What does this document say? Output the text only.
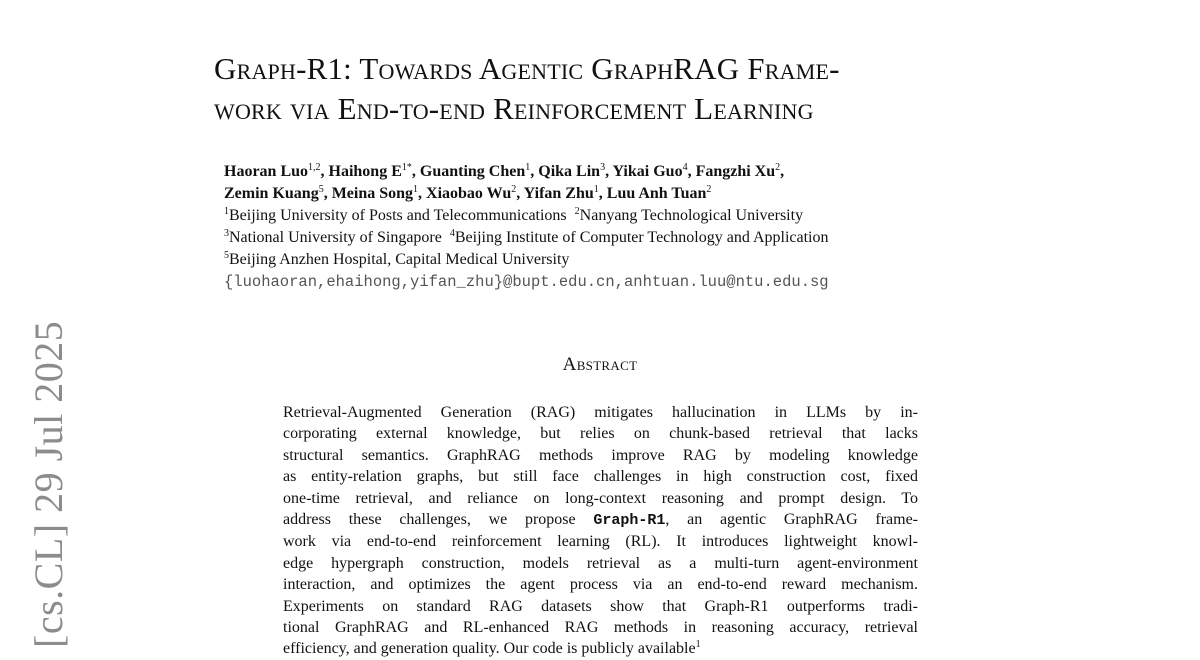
[cs.CL] 29 Jul 2025
Graph-R1: Towards Agentic GraphRAG Frame-
work via End-to-end Reinforcement Learning
Haoran Luo$^{1,2}$, Haihong $E^{1*}$, Guanting Chen$^1$, Qika Lin$^3$, Yikai Guo$^4$, Fangzhi Xu$^2$,
Zemin Kuang$^5$, Meina Song$^1$, Xiaobao Wu$^2$, Yifan Zhu$^1$, Luu Anh Tuan$^2$
$^1$Beijing University of Posts and Telecommunications $^2$Nanyang Technological University
$^3$National University of Singapore $^4$Beijing Institute of Computer Technology and Application
$^5$Beijing Anzhen Hospital, Capital Medical University
{luohaoran,ehaihong,yifan_zhu}@bupt.edu.cn,anhtuan.luu@ntu.edu.sg
Abstract
Retrieval-Augmented Generation (RAG) mitigates hallucination in LLMs by in-
corporating external knowledge, but relies on chunk-based retrieval that lacks
structural semantics. GraphRAG methods improve RAG by modeling knowledge
as entity-relation graphs, but still face challenges in high construction cost, fixed
one-time retrieval, and reliance on long-context reasoning and prompt design. To
address these challenges, we propose Graph-R1, an agentic GraphRAG frame-
work via end-to-end reinforcement learning (RL). It introduces lightweight knowl-
edge hypergraph construction, models retrieval as a multi-turn agent-environment
interaction, and optimizes the agent process via an end-to-end reward mechanism.
Experiments on standard RAG datasets show that Graph-R1 outperforms tradi-
tional GraphRAG and RL-enhanced RAG methods in reasoning accuracy, retrieval
efficiency, and generation quality. Our code is publicly available$^1$
